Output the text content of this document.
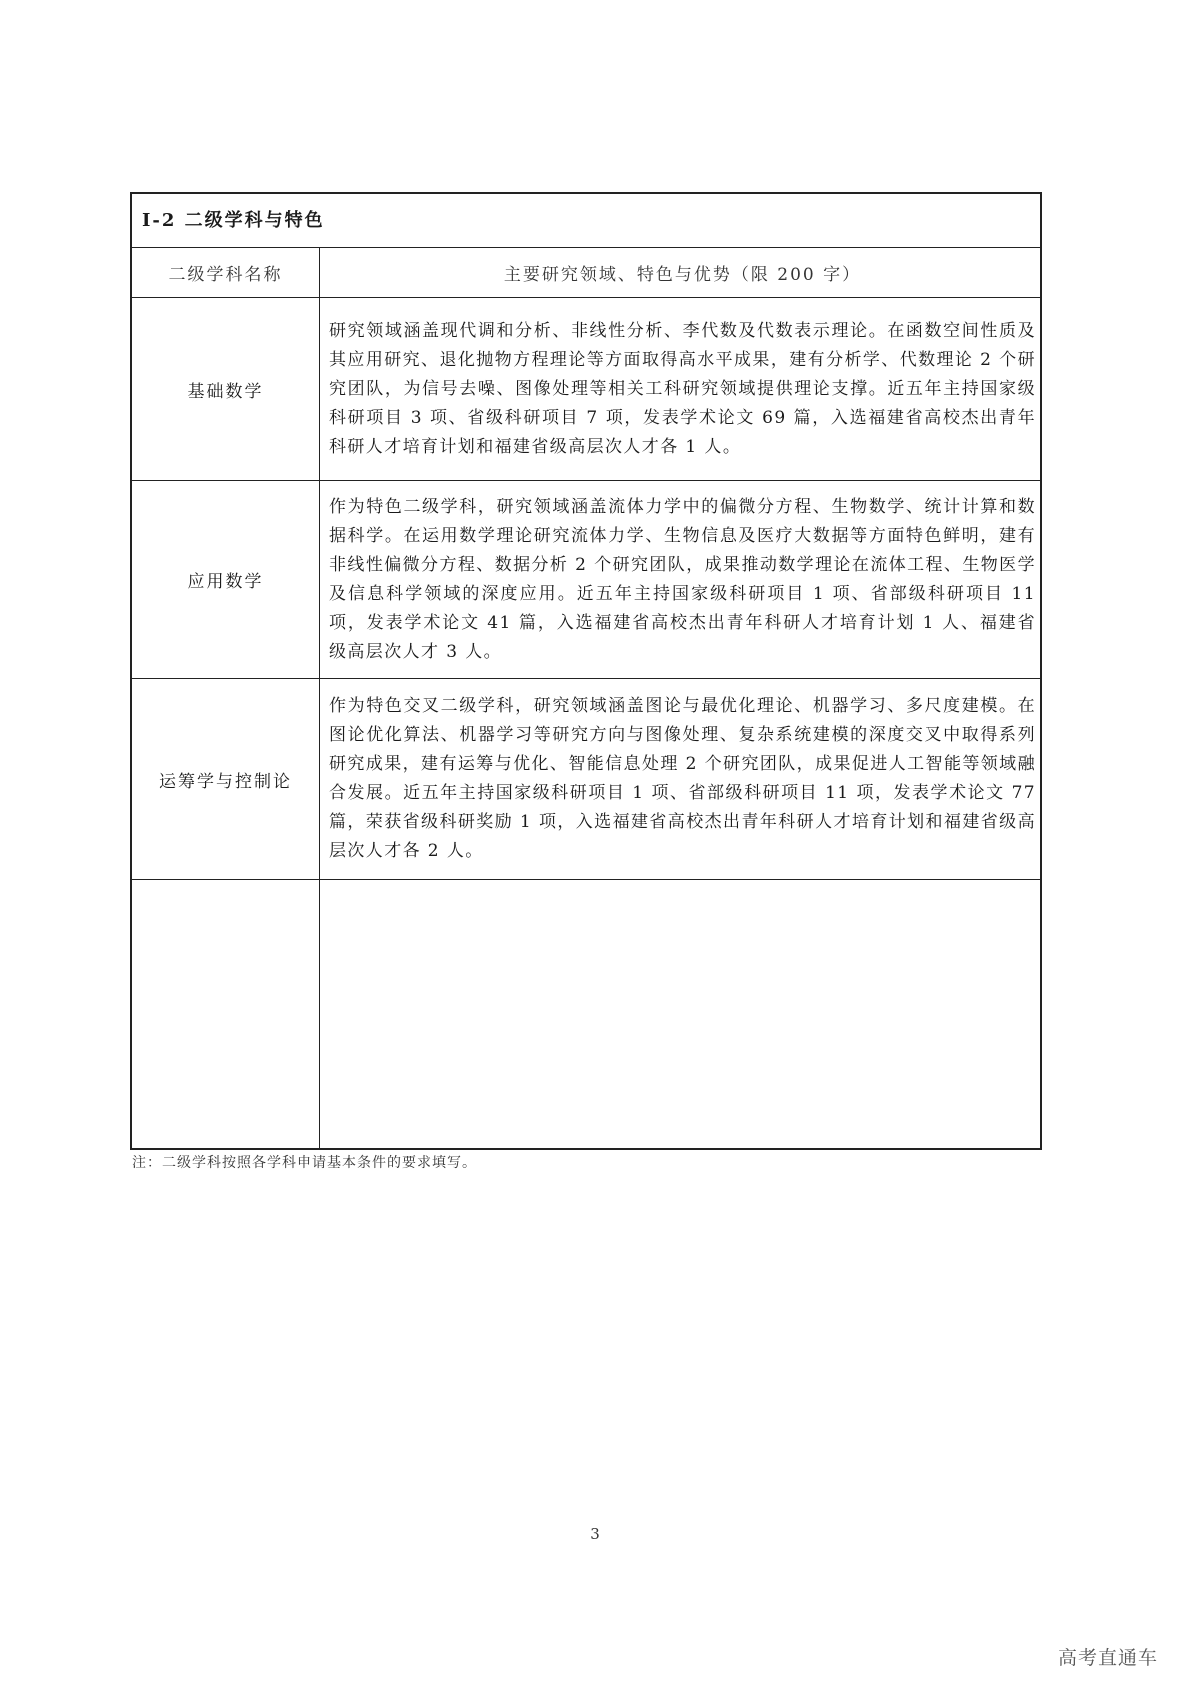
I-2 二级学科与特色
二级学科名称	主要研究领域、特色与优势（限 200 字）
基础数学
研究领域涵盖现代调和分析、非线性分析、李代数及代数表示理论。在函数空间性质及其应用研究、退化抛物方程理论等方面取得高水平成果，建有分析学、代数理论 2 个研究团队，为信号去噪、图像处理等相关工科研究领域提供理论支撑。近五年主持国家级科研项目 3 项、省级科研项目 7 项，发表学术论文 69 篇，入选福建省高校杰出青年科研人才培育计划和福建省级高层次人才各 1 人。
应用数学
作为特色二级学科，研究领域涵盖流体力学中的偏微分方程、生物数学、统计计算和数据科学。在运用数学理论研究流体力学、生物信息及医疗大数据等方面特色鲜明，建有非线性偏微分方程、数据分析 2 个研究团队，成果推动数学理论在流体工程、生物医学及信息科学领域的深度应用。近五年主持国家级科研项目 1 项、省部级科研项目 11 项，发表学术论文 41 篇，入选福建省高校杰出青年科研人才培育计划 1 人、福建省级高层次人才 3 人。
运筹学与控制论
作为特色交叉二级学科，研究领域涵盖图论与最优化理论、机器学习、多尺度建模。在图论优化算法、机器学习等研究方向与图像处理、复杂系统建模的深度交叉中取得系列研究成果，建有运筹与优化、智能信息处理 2 个研究团队，成果促进人工智能等领域融合发展。近五年主持国家级科研项目 1 项、省部级科研项目 11 项，发表学术论文 77 篇，荣获省级科研奖励 1 项，入选福建省高校杰出青年科研人才培育计划和福建省级高层次人才各 2 人。
注：二级学科按照各学科申请基本条件的要求填写。
3
高考直通车
